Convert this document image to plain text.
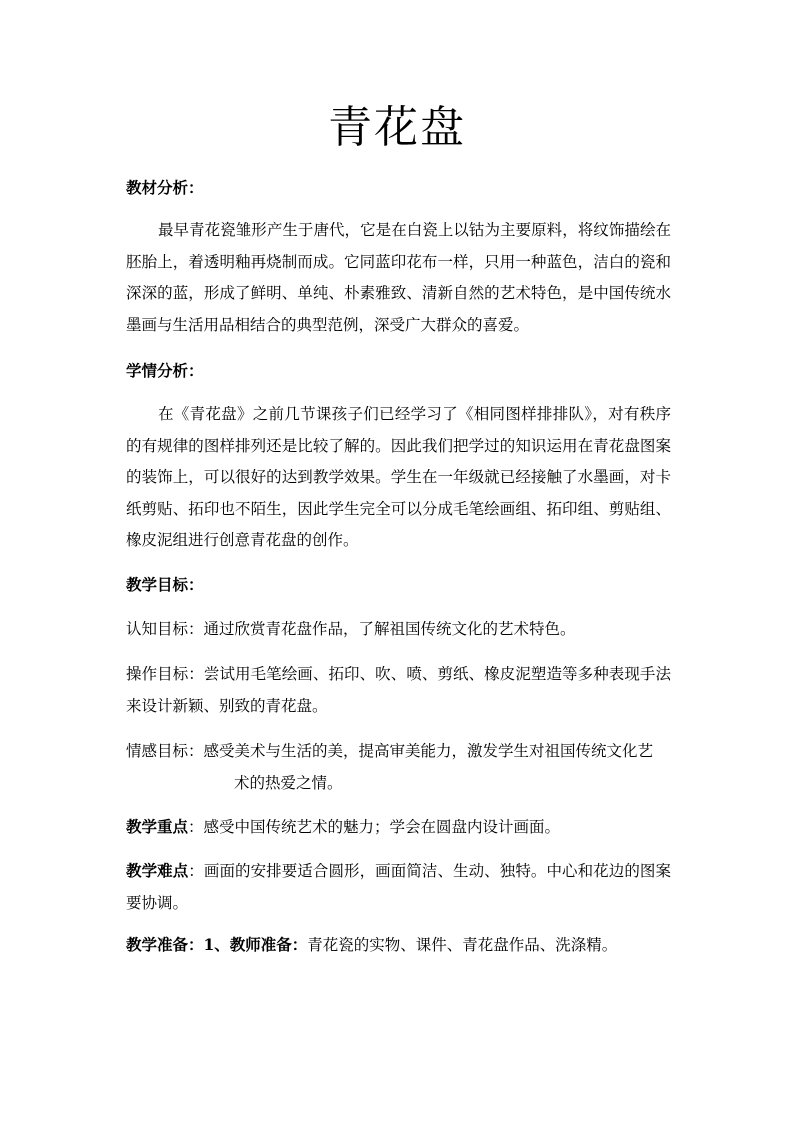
青花盘
教材分析：
最早青花瓷雏形产生于唐代，它是在白瓷上以钴为主要原料，将纹饰描绘在胚胎上，着透明釉再烧制而成。它同蓝印花布一样，只用一种蓝色，洁白的瓷和深深的蓝，形成了鲜明、单纯、朴素雅致、清新自然的艺术特色，是中国传统水墨画与生活用品相结合的典型范例，深受广大群众的喜爱。
学情分析：
在《青花盘》之前几节课孩子们已经学习了《相同图样排排队》，对有秩序的有规律的图样排列还是比较了解的。因此我们把学过的知识运用在青花盘图案的装饰上，可以很好的达到教学效果。学生在一年级就已经接触了水墨画，对卡纸剪贴、拓印也不陌生，因此学生完全可以分成毛笔绘画组、拓印组、剪贴组、橡皮泥组进行创意青花盘的创作。
教学目标：
认知目标：通过欣赏青花盘作品，了解祖国传统文化的艺术特色。
操作目标：尝试用毛笔绘画、拓印、吹、喷、剪纸、橡皮泥塑造等多种表现手法来设计新颖、别致的青花盘。
情感目标：感受美术与生活的美，提高审美能力，激发学生对祖国传统文化艺
术的热爱之情。
教学重点：感受中国传统艺术的魅力；学会在圆盘内设计画面。
教学难点：画面的安排要适合圆形，画面简洁、生动、独特。中心和花边的图案要协调。
教学准备：1、教师准备：青花瓷的实物、课件、青花盘作品、洗涤精。
